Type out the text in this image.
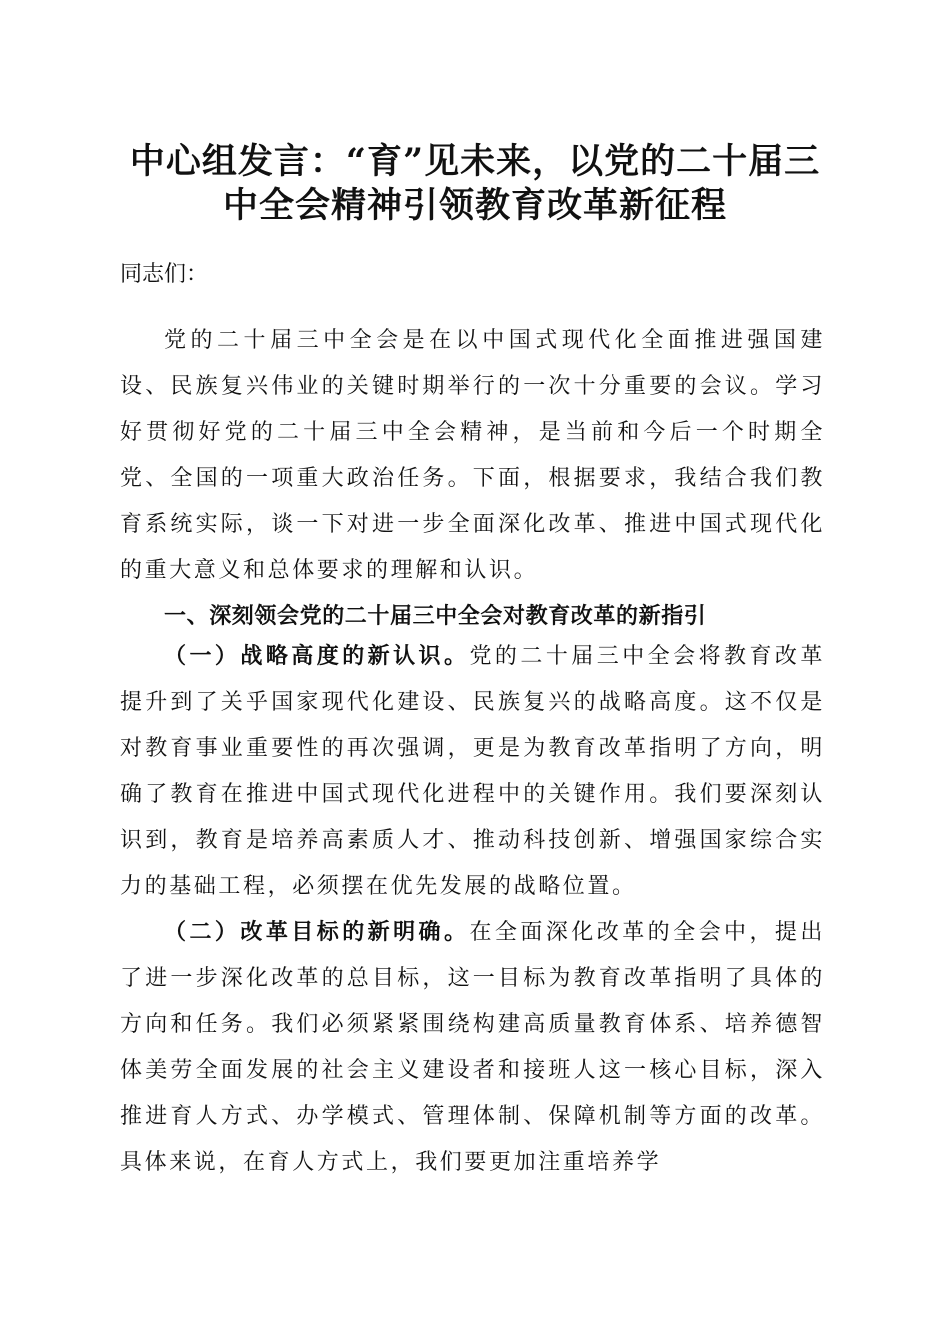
中心组发言：“育”见未来，以党的二十届三
中全会精神引领教育改革新征程

同志们：

党的二十届三中全会是在以中国式现代化全面推进强国建设、民族复兴伟业的关键时期举行的一次十分重要的会议。学习好贯彻好党的二十届三中全会精神，是当前和今后一个时期全党、全国的一项重大政治任务。下面，根据要求，我结合我们教育系统实际，谈一下对进一步全面深化改革、推进中国式现代化的重大意义和总体要求的理解和认识。

一、深刻领会党的二十届三中全会对教育改革的新指引

（一）战略高度的新认识。党的二十届三中全会将教育改革提升到了关乎国家现代化建设、民族复兴的战略高度。这不仅是对教育事业重要性的再次强调，更是为教育改革指明了方向，明确了教育在推进中国式现代化进程中的关键作用。我们要深刻认识到，教育是培养高素质人才、推动科技创新、增强国家综合实力的基础工程，必须摆在优先发展的战略位置。

（二）改革目标的新明确。在全面深化改革的全会中，提出了进一步深化改革的总目标，这一目标为教育改革指明了具体的方向和任务。我们必须紧紧围绕构建高质量教育体系、培养德智体美劳全面发展的社会主义建设者和接班人这一核心目标，深入推进育人方式、办学模式、管理体制、保障机制等方面的改革。具体来说，在育人方式上，我们要更加注重培养学
